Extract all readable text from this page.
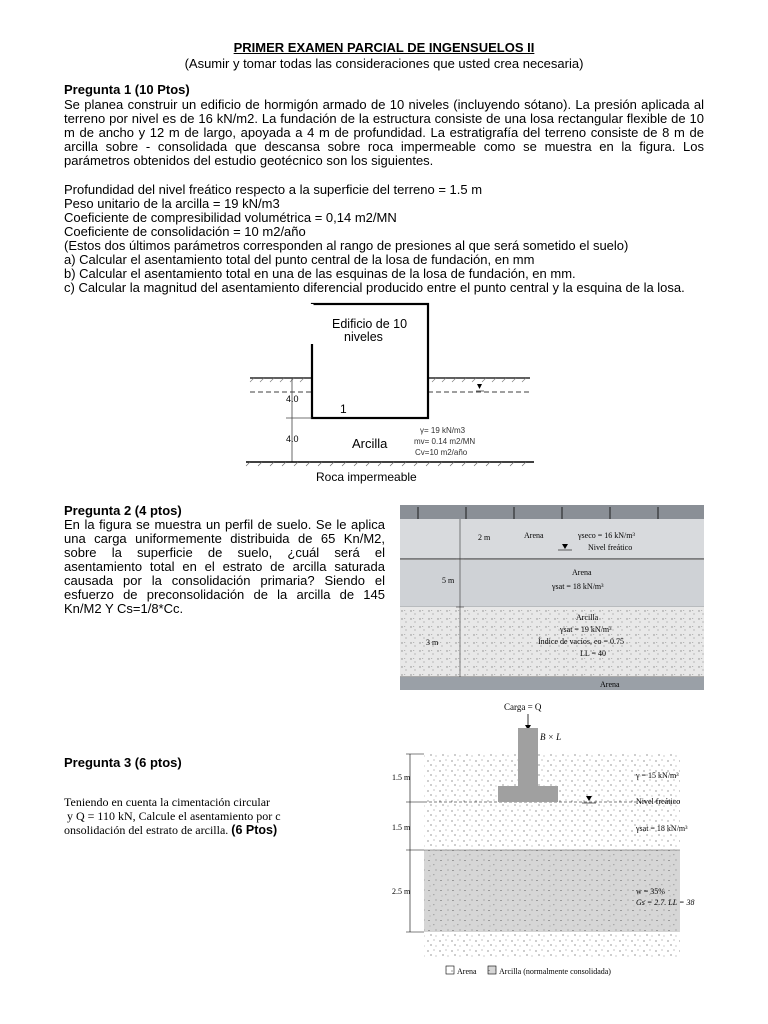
PRIMER EXAMEN PARCIAL DE INGENSUELOS II
(Asumir y tomar todas las consideraciones que usted crea necesaria)
Pregunta 1 (10 Ptos)
Se planea construir un edificio de hormigón armado de 10 niveles (incluyendo sótano). La presión aplicada al terreno por nivel es de 16 kN/m2. La fundación de la estructura consiste de una losa rectangular flexible de 10 m de ancho y 12 m de largo, apoyada a 4 m de profundidad. La estratigrafía del terreno consiste de 8 m de arcilla sobre - consolidada que descansa sobre roca impermeable como se muestra en la figura. Los parámetros obtenidos del estudio geotécnico son los siguientes.
Profundidad del nivel freático respecto a la superficie del terreno = 1.5 m
Peso unitario de la arcilla = 19 kN/m3
Coeficiente de compresibilidad volumétrica = 0,14 m2/MN
Coeficiente de consolidación = 10 m2/año
(Estos dos últimos parámetros corresponden al rango de presiones al que será sometido el suelo)
a) Calcular el asentamiento total del punto central de la losa de fundación, en mm
b) Calcular el asentamiento total en una de las esquinas de la losa de fundación, en mm.
c) Calcular la magnitud del asentamiento diferencial producido entre el punto central y la esquina de la losa.
Edificio de 10
niveles
1
4.0
4.0	Arcilla
γ= 19 kN/m3
mv= 0.14 m2/MN
Cv=10 m2/año
Roca impermeable
Pregunta 2 (4 ptos)
En la figura se muestra un perfil de suelo. Se le aplica una carga uniformemente distribuida de 65 Kn/M2, sobre la superficie de suelo, ¿cuál será el asentamiento total en el estrato de arcilla saturada causada por la consolidación primaria? Siendo el esfuerzo de preconsolidación de la arcilla de 145 Kn/M2 Y Cs=1/8*Cc.
2 m
5 m
3 m
Arena	γseco = 16 kN/m³
Nivel freático
Arena
γsat = 18 kN/m³
Arcilla
γsat = 19 kN/m³
Índice de vacíos, eo = 0.75
LL = 40
Arena
Pregunta 3 (6 ptos)
Teniendo en cuenta la cimentación circular
y Q = 110 kN, Calcule el asentamiento por c
onsolidación del estrato de arcilla. (6 Ptos)
Carga = Q
B × L
1.5 m
1.5 m
2.5 m
γ = 15 kN/m³
Nivel freático
γsat = 18 kN/m³
w = 35%
Gs = 2.7. LL = 38
Arena	Arcilla (normalmente consolidada)
